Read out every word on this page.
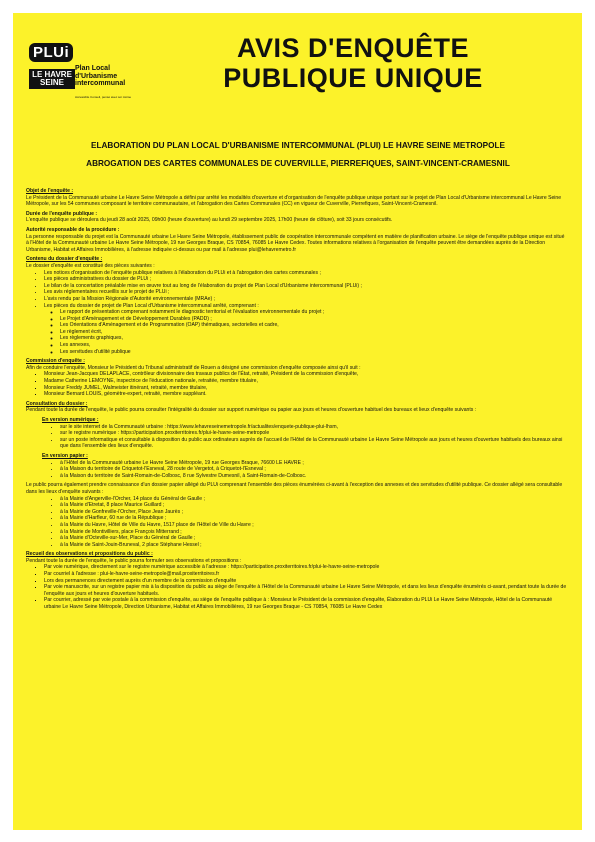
PLUi
LE HAVRE SEINE
Plan Local d'Urbanisme intercommunal
Accessible Conseil, pensé avec soi même
AVIS D'ENQUÊTE
PUBLIQUE UNIQUE
ELABORATION DU PLAN LOCAL D'URBANISME INTERCOMMUNAL (PLUI) LE HAVRE SEINE METROPOLE
ABROGATION DES CARTES COMMUNALES DE CUVERVILLE, PIERREFIQUES, SAINT-VINCENT-CRAMESNIL
Objet de l'enquête :

Le Président de la Communauté urbaine Le Havre Seine Métropole a défini par arrêté les modalités d'ouverture et d'organisation de l'enquête publique unique portant sur le projet de Plan Local d'Urbanisme intercommunal Le Havre Seine Métropole, sur les 54 communes composant le territoire communautaire, et l'abrogation des Cartes Communales (CC) en vigueur de Cuverville, Pierrefiques, Saint-Vincent-Cramesnil.

Durée de l'enquête publique :

L'enquête publique se déroulera du jeudi 28 août 2025, 09h00 (heure d'ouverture) au lundi 29 septembre 2025, 17h00 (heure de clôture), soit 33 jours consécutifs.

Autorité responsable de la procédure :

La personne responsable du projet est la Communauté urbaine Le Havre Seine Métropole, établissement public de coopération intercommunale compétent en matière de planification urbaine. Le siège de l'enquête publique unique est situé à l'Hôtel de la Communauté urbaine Le Havre Seine Métropole, 19 rue Georges Braque, CS 70854, 76085 Le Havre Cedex. Toutes informations relatives à l'organisation de l'enquête peuvent être demandées auprès de la Direction Urbanisme, Habitat et Affaires Immobilières, à l'adresse indiquée ci-dessus ou par mail à l'adresse plui@lehavremetro.fr

Contenu du dossier d'enquête :

Le dossier d'enquête est constitué des pièces suivantes :

• Les notices d'organisation de l'enquête publique relatives à l'élaboration du PLUi et à l'abrogation des cartes communales ;
• Les pièces administratives du dossier de PLUi ;
• Le bilan de la concertation préalable mise en œuvre tout au long de l'élaboration du projet de Plan Local d'Urbanisme intercommunal (PLUi) ;
• Les avis réglementaires recueillis sur le projet de PLUi ;
• L'avis rendu par la Mission Régionale d'Autorité environnementale (MRAe) ;
• Les pièces du dossier de projet de Plan Local d'Urbanisme intercommunal arrêté, comprenant :
◦ Le rapport de présentation comprenant notamment le diagnostic territorial et l'évaluation environnementale du projet ;
◦ Le Projet d'Aménagement et de Développement Durables (PADD) ;
◦ Les Orientations d'Aménagement et de Programmation (OAP) thématiques, sectorielles et cadre,
◦ Le règlement écrit,
◦ Les règlements graphiques,
◦ Les annexes,
◦ Les servitudes d'utilité publique
Commission d'enquête :

Afin de conduire l'enquête, Monsieur le Président du Tribunal administratif de Rouen a désigné une commission d'enquête composée ainsi qu'il suit :

▪ Monsieur Jean-Jacques DELAPLACE, contrôleur divisionnaire des travaux publics de l'État, retraité, Président de la commission d'enquête,
▪ Madame Catherine LEMOYNE, inspectrice de l'éducation nationale, retraitée, membre titulaire,
▪ Monsieur Freddy JUMEL, Walmeister itinérant, retraité, membre titulaire,
▪ Monsieur Bernard LOUIS, géomètre-expert, retraité, membre suppléant.
Consultation du dossier :

Pendant toute la durée de l'enquête, le public pourra consulter l'intégralité du dossier sur support numérique ou papier aux jours et heures d'ouverture habituel des bureaux et lieux d'enquête suivants :

En version numérique :
• sur le site internet de la Communauté urbaine : https://www.lehavreseinemetropole.fr/actualites/enquete-publique-plui-lhsm,
• sur le registre numérique : https://participation.proxiterritoires.fr/plui-le-havre-seine-metropole
• sur un poste informatique et consultable à disposition du public aux ordinateurs auprès de l'accueil de l'Hôtel de la Communauté urbaine Le Havre Seine Métropole aux jours et heures d'ouverture habituels des bureaux ainsi que dans l'ensemble des lieux d'enquête.
En version papier :
• à l'Hôtel de la Communauté urbaine Le Havre Seine Métropole, 19 rue Georges Braque, 76600 LE HAVRE ;
• à la Maison du territoire de Criquetot-l'Esneval, 28 route de Vergetot, à Criquetot-l'Esneval ;
• à la Maison du territoire de Saint-Romain-de-Colbosc, 8 rue Sylvestre Dumesnil, à Saint-Romain-de-Colbosc.

Le public pourra également prendre connaissance d'un dossier papier allégé du PLUi comprenant l'ensemble des pièces énumérées ci-avant à l'exception des annexes et des servitudes d'utilité publique. Ce dossier allégé sera consultable dans les lieux d'enquête suivants :

• à la Mairie d'Angerville-l'Orcher, 14 place du Général de Gaulle ;
• à la Mairie d'Etretat, 8 place Maurice Guillard ;
• à la Mairie de Gonfreville-l'Orcher, Place Jean Jaurès ;
• à la Mairie d'Harfleur, 60 rue de la République ;
• à la Mairie du Havre, Hôtel de Ville du Havre, 1517 place de l'Hôtel de Ville du Havre ;
• à la Mairie de Montivilliers, place François Mitterrand ;
• à la Mairie d'Octeville-sur-Mer, Place du Général de Gaulle ;
• à la Mairie de Saint-Jouin-Bruneval, 2 place Stéphane Hessel ;
Recueil des observations et propositions du public :

Pendant toute la durée de l'enquête, le public pourra formuler ses observations et propositions :

▪ Par voie numérique, directement sur le registre numérique accessible à l'adresse : https://participation.proxiterritoires.fr/plui-le-havre-seine-metropole
▪ Par courriel à l'adresse : plui-le-havre-seine-metropole@mail.proxiterritoires.fr
▪ Lors des permanences directement auprès d'un membre de la commission d'enquête
▪ Par voie manuscrite, sur un registre papier mis à la disposition du public au siège de l'enquête à l'Hôtel de la Communauté urbaine Le Havre Seine Métropole, et dans les lieux d'enquête énumérés ci-avant, pendant toute la durée de l'enquête aux jours et heures d'ouverture habituels.
▪ Par courrier, adressé par voie postale à la commission d'enquête, au siège de l'enquête publique à : Monsieur le Président de la commission d'enquête, Élaboration du PLUi Le Havre Seine Métropole, Hôtel de la Communauté urbaine Le Havre Seine Métropole, Direction Urbanisme, Habitat et Affaires Immobilières, 19 rue Georges Braque - CS 70854, 76085 Le Havre Cedex
